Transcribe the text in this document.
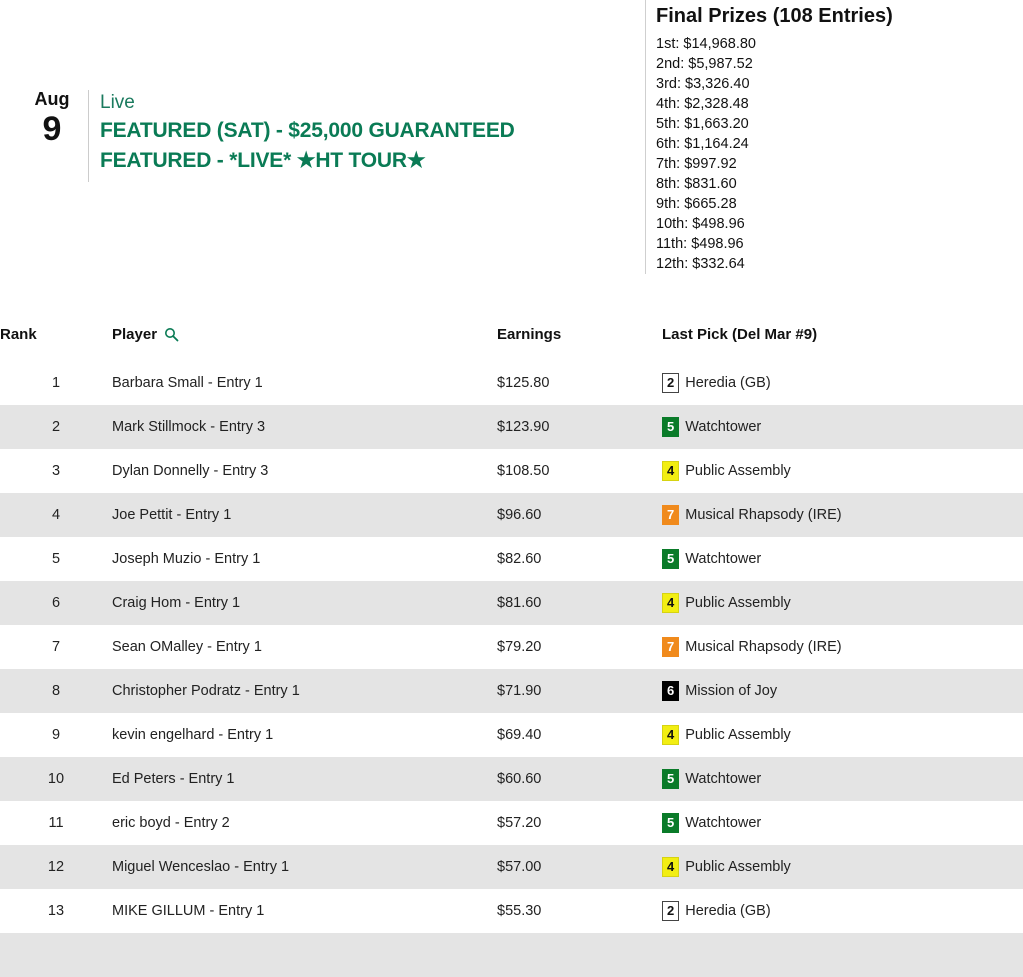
Aug
9
Live
FEATURED (SAT) - $25,000 GUARANTEED
FEATURED - *LIVE* ★HT TOUR★
Final Prizes (108 Entries)
1st: $14,968.80
2nd: $5,987.52
3rd: $3,326.40
4th: $2,328.48
5th: $1,663.20
6th: $1,164.24
7th: $997.92
8th: $831.60
9th: $665.28
10th: $498.96
11th: $498.96
12th: $332.64
Rank	Player	Earnings	Last Pick (Del Mar #9)
1	Barbara Small - Entry 1	$125.80	2 Heredia (GB)

2	Mark Stillmock - Entry 3	$123.90	5 Watchtower

3	Dylan Donnelly - Entry 3	$108.50	4 Public Assembly

4	Joe Pettit - Entry 1	$96.60	7 Musical Rhapsody (IRE)

5	Joseph Muzio - Entry 1	$82.60	5 Watchtower

6	Craig Hom - Entry 1	$81.60	4 Public Assembly

7	Sean OMalley - Entry 1	$79.20	7 Musical Rhapsody (IRE)

8	Christopher Podratz - Entry 1	$71.90	6 Mission of Joy

9	kevin engelhard - Entry 1	$69.40	4 Public Assembly

10	Ed Peters - Entry 1	$60.60	5 Watchtower

11	eric boyd - Entry 2	$57.20	5 Watchtower

12	Miguel Wenceslao - Entry 1	$57.00	4 Public Assembly

13	MIKE GILLUM - Entry 1	$55.30	2 Heredia (GB)
